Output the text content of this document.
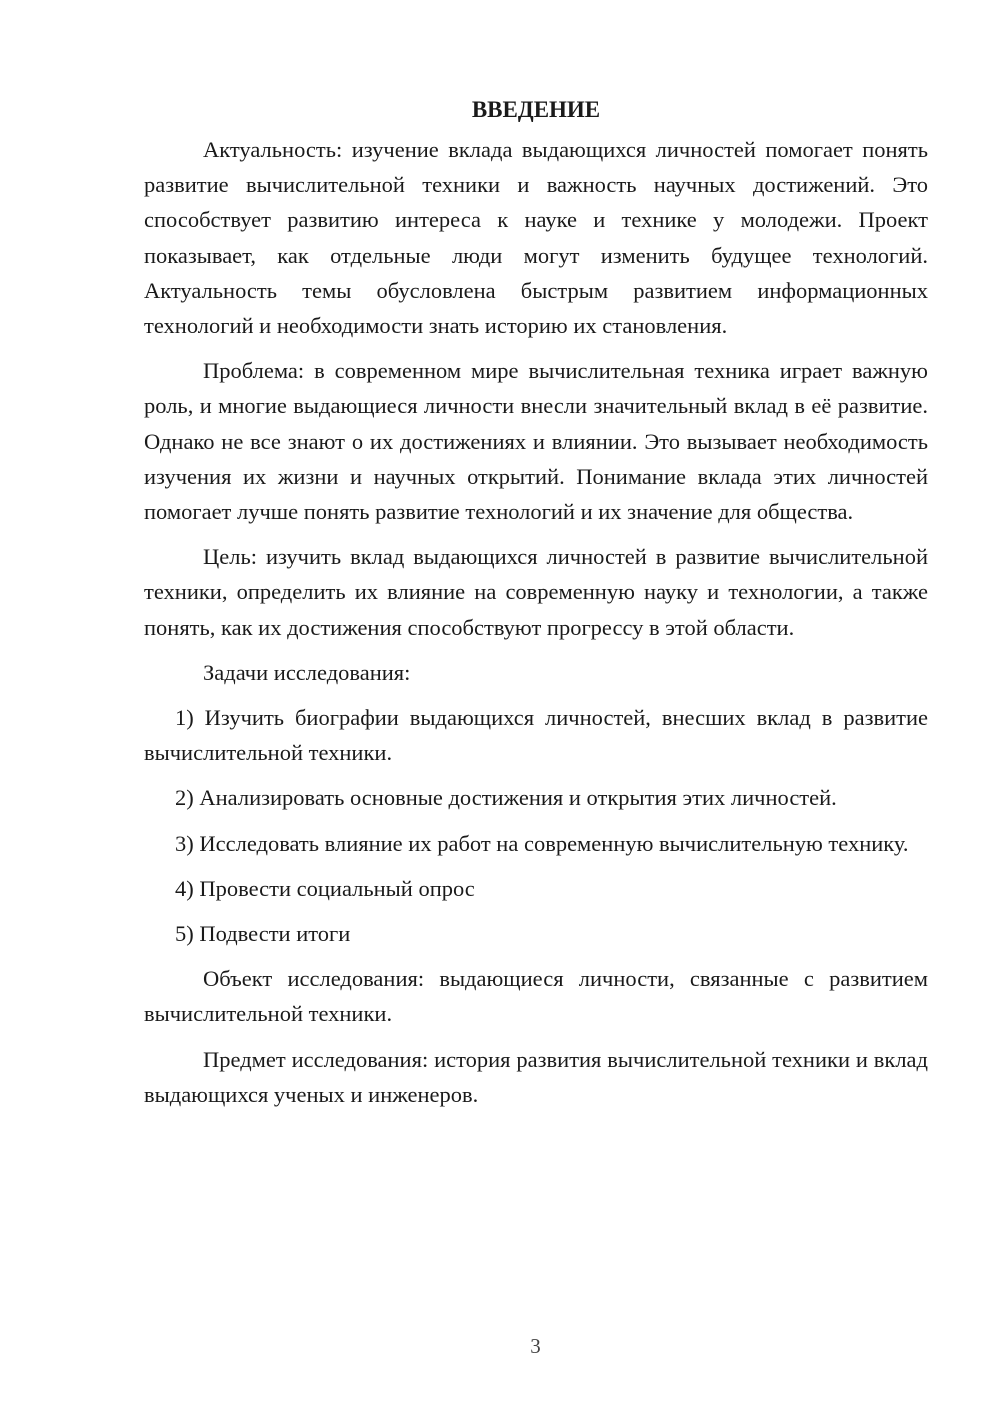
ВВЕДЕНИЕ

Актуальность: изучение вклада выдающихся личностей помогает понять развитие вычислительной техники и важность научных достижений. Это способствует развитию интереса к науке и технике у молодежи. Проект показывает, как отдельные люди могут изменить будущее технологий. Актуальность темы обусловлена быстрым развитием информационных технологий и необходимости знать историю их становления.

Проблема: в современном мире вычислительная техника играет важную роль, и многие выдающиеся личности внесли значительный вклад в её развитие. Однако не все знают о их достижениях и влиянии. Это вызывает необходимость изучения их жизни и научных открытий. Понимание вклада этих личностей помогает лучше понять развитие технологий и их значение для общества.

Цель: изучить вклад выдающихся личностей в развитие вычислительной техники, определить их влияние на современную науку и технологии, а также понять, как их достижения способствуют прогрессу в этой области.

Задачи исследования:

1) Изучить биографии выдающихся личностей, внесших вклад в развитие вычислительной техники.

2) Анализировать основные достижения и открытия этих личностей.

3) Исследовать влияние их работ на современную вычислительную технику.

4) Провести социальный опрос

5) Подвести итоги

Объект исследования: выдающиеся личности, связанные с развитием вычислительной техники.

Предмет исследования: история развития вычислительной техники и вклад выдающихся ученых и инженеров.

3
